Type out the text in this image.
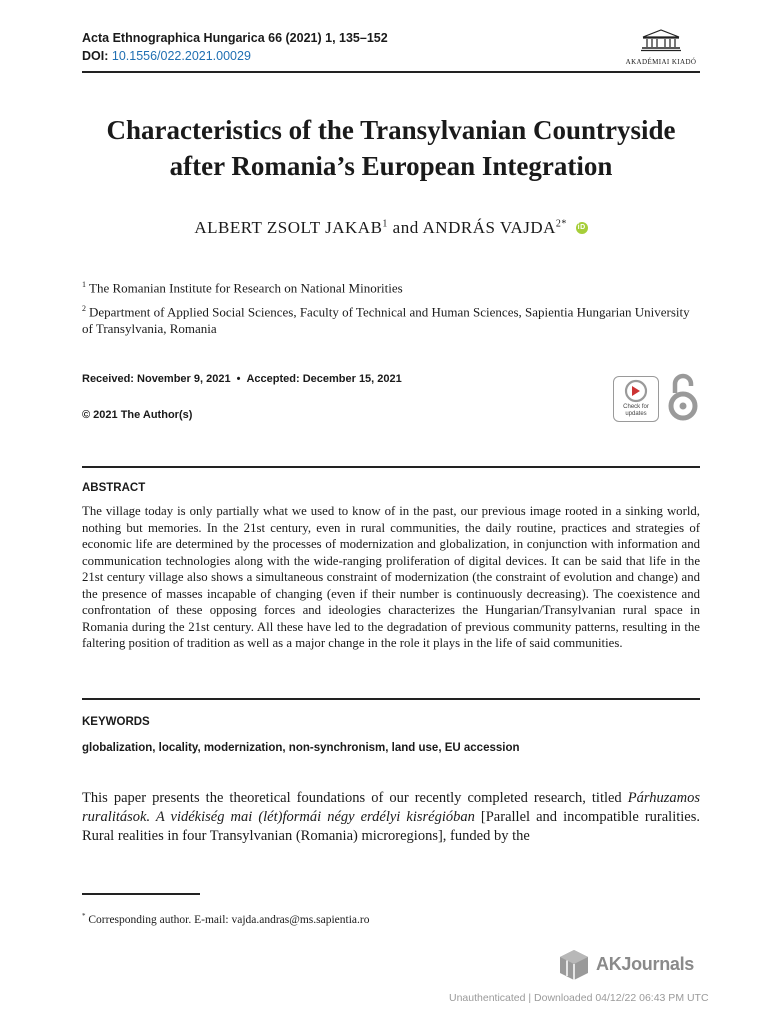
Acta Ethnographica Hungarica 66 (2021) 1, 135–152
DOI: 10.1556/022.2021.00029	AKADÉMIAI KIADÓ
Characteristics of the Transylvanian Countryside
after Romania’s European Integration
ALBERT ZSOLT JAKAB$^1$ and ANDRÁS $VAJDA^{2*}$ iD
$^1$ The Romanian Institute for Research on National Minorities
$^2$ Department of Applied Social Sciences, Faculty of Technical and Human Sciences, Sapientia Hungarian University of Transylvania, Romania
Received: November 9, 2021 • Accepted: December 15, 2021
© 2021 The Author(s)
Check for updates
ABSTRACT
The village today is only partially what we used to know of in the past, our previous image rooted in a sinking world, nothing but memories. In the 21st century, even in rural communities, the daily routine, practices and strategies of economic life are determined by the processes of modernization and globalization, in conjunction with information and communication technologies along with the wide-ranging proliferation of digital devices. It can be said that life in the 21st century village also shows a simultaneous constraint of modernization (the constraint of evolution and change) and the presence of masses incapable of changing (even if their number is continuously decreasing). The coexistence and confrontation of these opposing forces and ideologies characterizes the Hungarian/Transylvanian rural space in Romania during the 21st century. All these have led to the degradation of previous community patterns, resulting in the faltering position of tradition as well as a major change in the role it plays in the life of said communities.
KEYWORDS
globalization, locality, modernization, non-synchronism, land use, EU accession
This paper presents the theoretical foundations of our recently completed research, titled Párhuzamos ruralitások. A vidékiség mai (lét)formái négy erdélyi kisrégióban [Parallel and incompatible ruralities. Rural realities in four Transylvanian (Romania) microregions], funded by the
* Corresponding author. E-mail: vajda.andras@ms.sapientia.ro
AKJournals
Unauthenticated | Downloaded 04/12/22 06:43 PM UTC
